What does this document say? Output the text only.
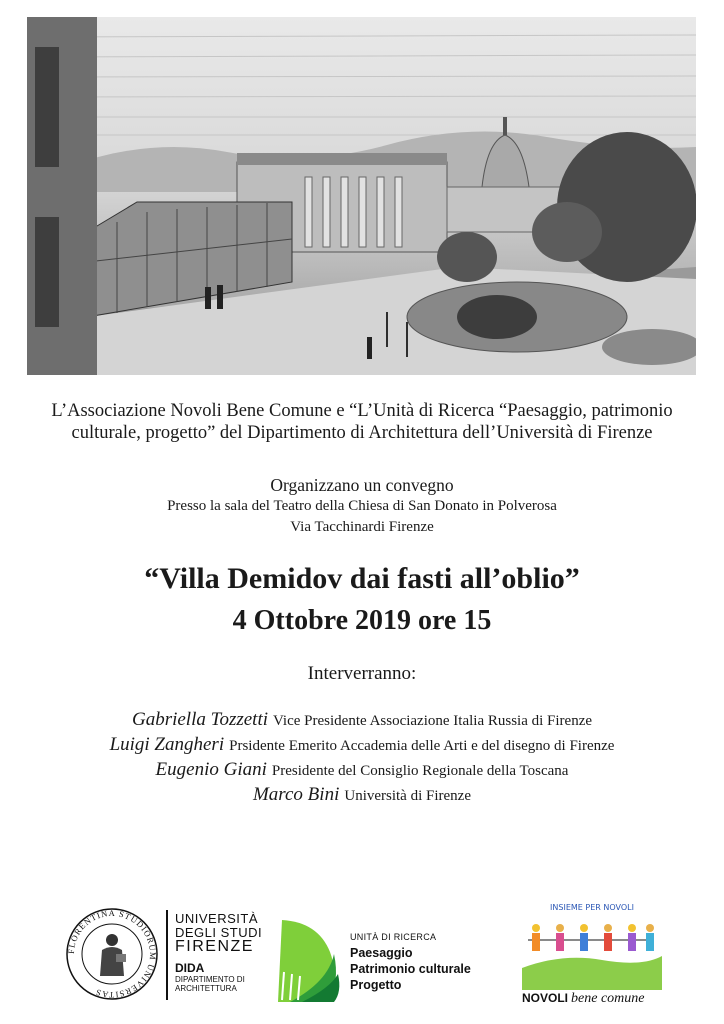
L’Associazione Novoli Bene Comune e “L’Unità di Ricerca “Paesaggio, patrimonio
culturale, progetto” del Dipartimento di Architettura dell’Università di Firenze
Organizzano un convegno
Presso la sala del Teatro della Chiesa di San Donato in Polverosa
Via Tacchinardi Firenze
“Villa Demidov dai fasti all’oblio”
4 Ottobre 2019 ore 15
Interverranno:
Gabriella Tozzetti Vice Presidente Associazione Italia Russia di Firenze
Luigi Zangheri Prsidente Emerito Accademia delle Arti e del disegno di Firenze
Eugenio Giani Presidente del Consiglio Regionale della Toscana
Marco Bini Università di Firenze
FLORENTINA STUDIORUM UNIVERSITAS
UNIVERSITÀ
DEGLI STUDI
FIRENZE
DIDA
DIPARTIMENTO DI
ARCHITETTURA
UNITÀ DI RICERCA
Paesaggio
Patrimonio culturale
Progetto
INSIEME PER NOVOLI
NOVOLI bene comune
